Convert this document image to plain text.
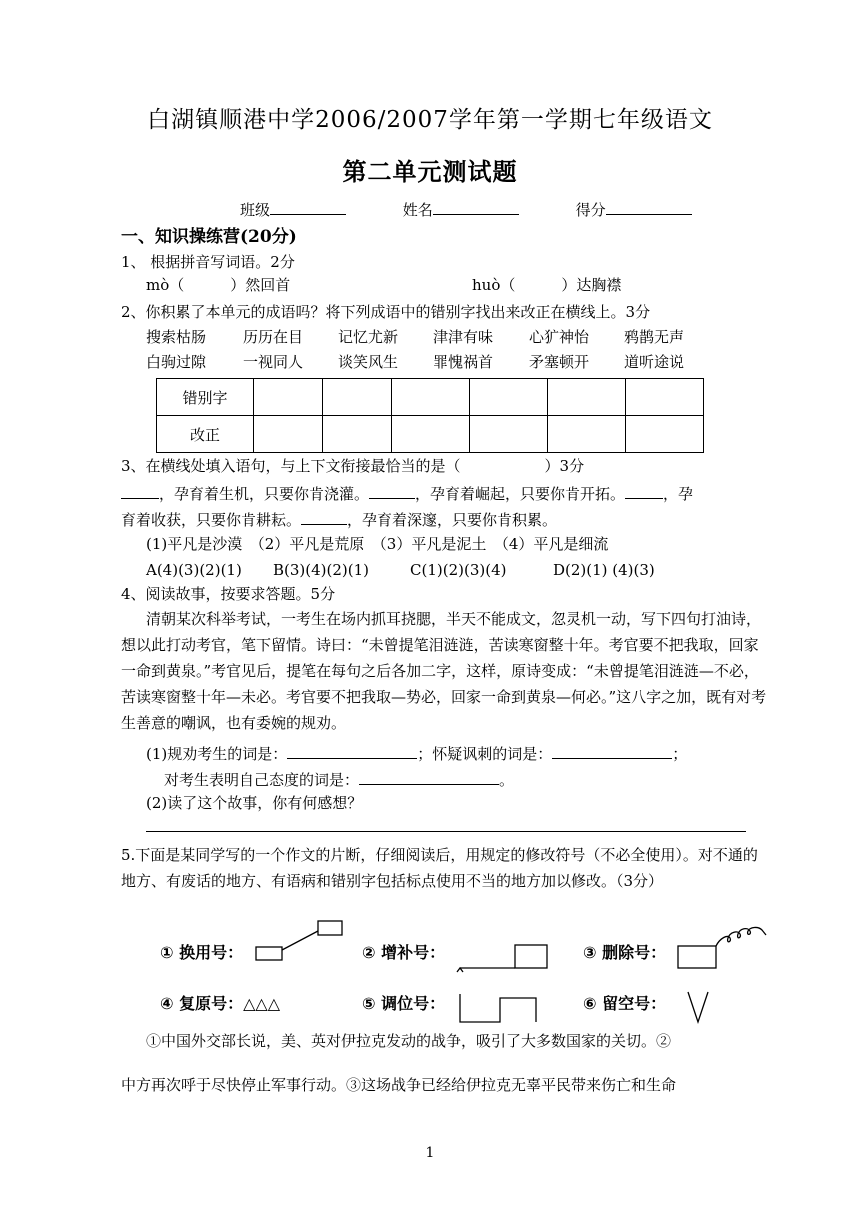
白湖镇顺港中学2006/2007学年第一学期七年级语文
第二单元测试题
班级	姓名	得分
一、知识操练营(20分)
1、 根据拼音写词语。2分
mò（	）然回首	huò（	）达胸襟
2、你积累了本单元的成语吗？将下列成语中的错别字找出来改正在横线上。3分
搜索枯肠 历历在目 记忆尤新 津津有味 心犷神怡 鸦鹊无声
白驹过隙 一视同人 谈笑风生 罪愧祸首 矛塞顿开 道听途说
错别字						
改正						
3、在横线处填入语句，与上下文衔接最恰当的是（	）3分
，孕育着生机，只要你肯浇灌。	，孕育着崛起，只要你肯开拓。	，孕
育着收获，只要你肯耕耘。	，孕育着深邃，只要你肯积累。
(1)平凡是沙漠　（2）平凡是荒原　（3）平凡是泥土　（4）平凡是细流
A(4)(3)(2)(1) B(3)(4)(2)(1)	C(1)(2)(3)(4)	D(2)(1) (4)(3)
4、阅读故事，按要求答题。5分
清朝某次科举考试，一考生在场内抓耳挠腮，半天不能成文，忽灵机一动，写下四句打油诗，想以此打动考官，笔下留情。诗曰：“未曾提笔泪涟涟，苦读寒窗整十年。考官要不把我取，回家一命到黄泉。”考官见后，提笔在每句之后各加二字，这样，原诗变成：“未曾提笔泪涟涟—不必，苦读寒窗整十年—未必。考官要不把我取—势必，回家一命到黄泉—何必。”这八字之加，既有对考生善意的嘲讽，也有委婉的规劝。
(1)规劝考生的词是：	；怀疑讽刺的词是：	；
对考生表明自己态度的词是：	。
(2)读了这个故事，你有何感想？
5.下面是某同学写的一个作文的片断，仔细阅读后，用规定的修改符号（不必全使用）。对不通的地方、有废话的地方、有语病和错别字包括标点使用不当的地方加以修改。（3分）
① 换用号：	② 增补号：	③ 删除号：
④ 复原号：△△△	⑤ 调位号：	⑥ 留空号：
①中国外交部长说，美、英对伊拉克发动的战争，吸引了大多数国家的关切。②
中方再次呼于尽快停止军事行动。③这场战争已经给伊拉克无辜平民带来伤亡和生命
1
